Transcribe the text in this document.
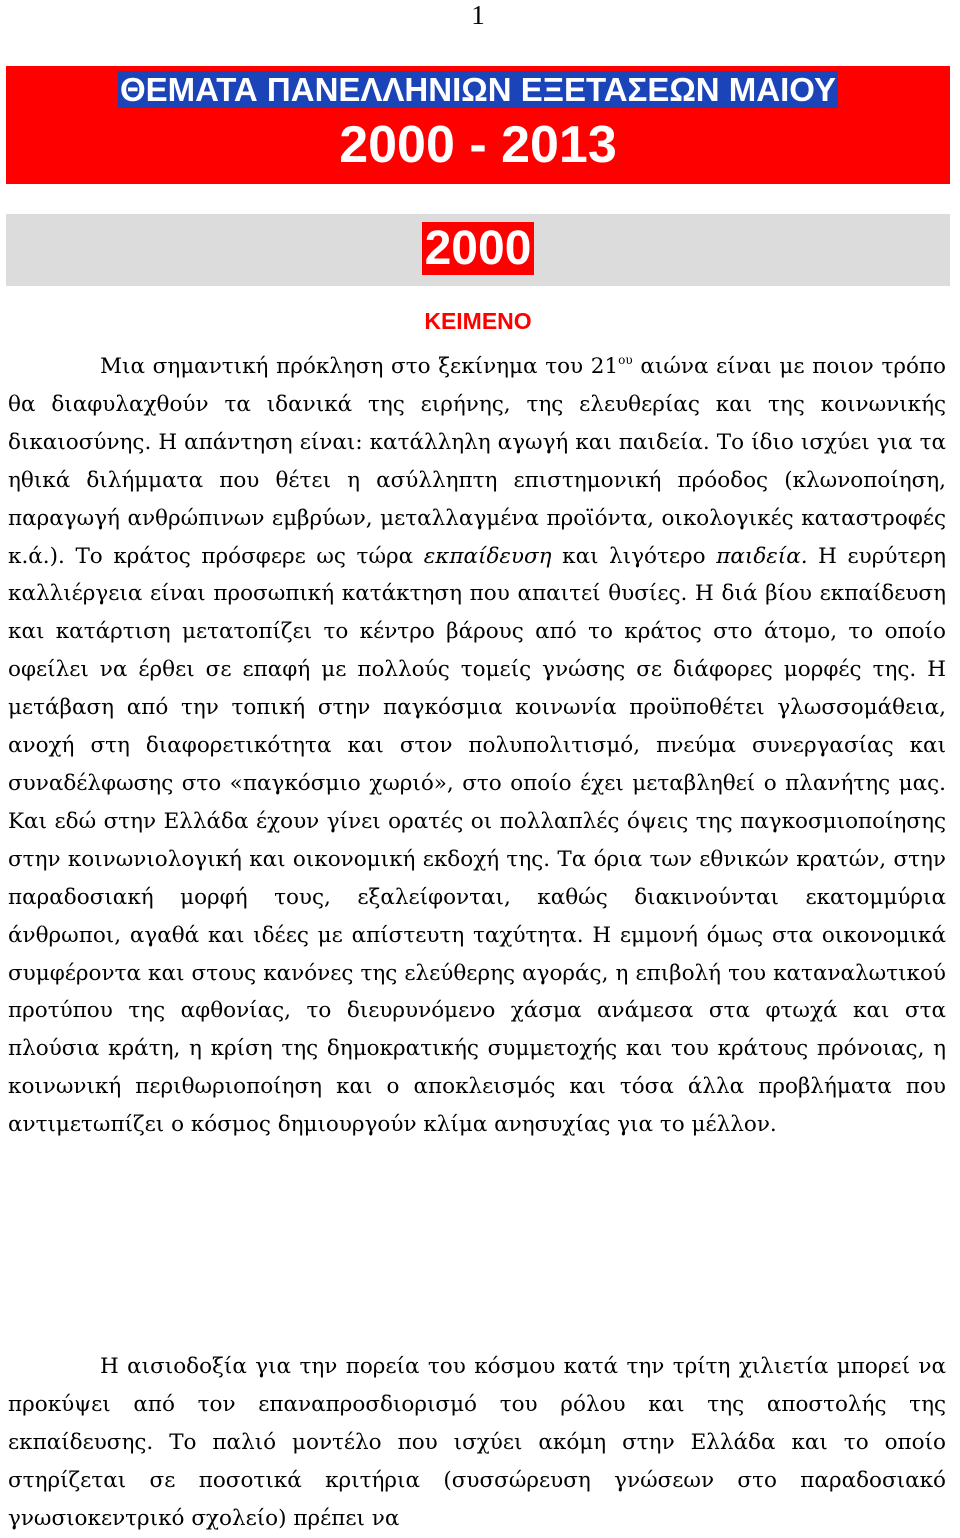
1
ΘΕΜΑΤΑ ΠΑΝΕΛΛΗΝΙΩΝ ΕΞΕΤΑΣΕΩΝ ΜΑΙΟΥ
2000 - 2013
2000
ΚΕΙΜΕΝΟ

Μια σημαντική πρόκληση στο ξεκίνημα του $21^{o\upsilon}$ αιώνα είναι με ποιον τρόπο θα διαφυλαχθούν τα ιδανικά της ειρήνης, της ελευθερίας και της κοινωνικής δικαιοσύνης. Η απάντηση είναι: κατάλληλη αγωγή και παιδεία. Το ίδιο ισχύει για τα ηθικά διλήμματα που θέτει η ασύλληπτη επιστημονική πρόοδος (κλωνοποίηση, παραγωγή ανθρώπινων εμβρύων, μεταλλαγμένα προϊόντα, οικολογικές καταστροφές κ.ά.). Το κράτος πρόσφερε ως τώρα εκπαίδευση και λιγότερο παιδεία. Η ευρύτερη καλλιέργεια είναι προσωπική κατάκτηση που απαιτεί θυσίες. Η διά βίου εκπαίδευση και κατάρτιση μετατοπίζει το κέντρο βάρους από το κράτος στο άτομο, το οποίο οφείλει να έρθει σε επαφή με πολλούς τομείς γνώσης σε διάφορες μορφές της. Η μετάβαση από την τοπική στην παγκόσμια κοινωνία προϋποθέτει γλωσσομάθεια, ανοχή στη διαφορετικότητα και στον πολυπολιτισμό, πνεύμα συνεργασίας και συναδέλφωσης στο «παγκόσμιο χωριό», στο οποίο έχει μεταβληθεί ο πλανήτης μας. Και εδώ στην Ελλάδα έχουν γίνει ορατές οι πολλαπλές όψεις της παγκοσμιοποίησης στην κοινωνιολογική και οικονομική εκδοχή της. Τα όρια των εθνικών κρατών, στην παραδοσιακή μορφή τους, εξαλείφονται, καθώς διακινούνται εκατομμύρια άνθρωποι, αγαθά και ιδέες με απίστευτη ταχύτητα. Η εμμονή όμως στα οικονομικά συμφέροντα και στους κανόνες της ελεύθερης αγοράς, η επιβολή του καταναλωτικού προτύπου της αφθονίας, το διευρυνόμενο χάσμα ανάμεσα στα φτωχά και στα πλούσια κράτη, η κρίση της δημοκρατικής συμμετοχής και του κράτους πρόνοιας, η κοινωνική περιθωριοποίηση και ο αποκλεισμός και τόσα άλλα προβλήματα που αντιμετωπίζει ο κόσμος δημιουργούν κλίμα ανησυχίας για το μέλλον.

Η αισιοδοξία για την πορεία του κόσμου κατά την τρίτη χιλιετία μπορεί να προκύψει από τον επαναπροσδιορισμό του ρόλου και της αποστολής της εκπαίδευσης. Το παλιό μοντέλο που ισχύει ακόμη στην Ελλάδα και το οποίο στηρίζεται σε ποσοτικά κριτήρια (συσσώρευση γνώσεων στο παραδοσιακό γνωσιοκεντρικό σχολείο) πρέπει να
